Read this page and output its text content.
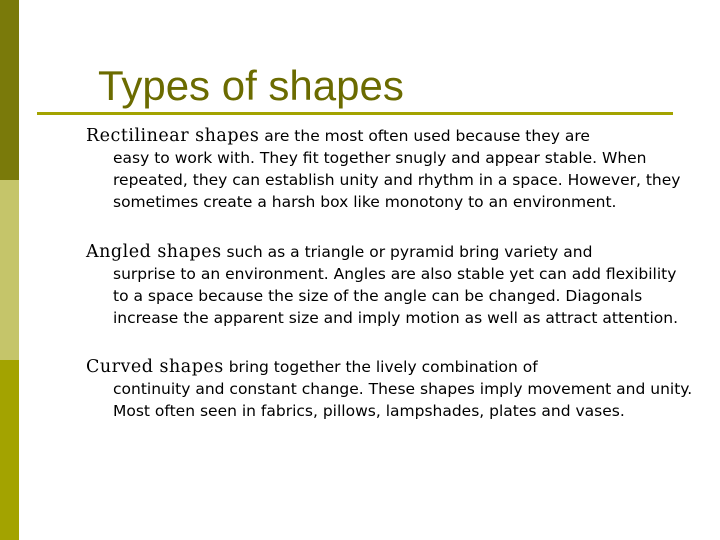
Types of shapes
Rectilinear shapes are the most often used because they are
easy to work with. They fit together snugly and appear stable. When repeated, they can establish unity and rhythm in a space. However, they sometimes create a harsh box like monotony to an environment.
Angled shapes such as a triangle or pyramid bring variety and
surprise to an environment. Angles are also stable yet can add flexibility to a space because the size of the angle can be changed. Diagonals increase the apparent size and imply motion as well as attract attention.
Curved shapes bring together the lively combination of
continuity and constant change. These shapes imply movement and unity. Most often seen in fabrics, pillows, lampshades, plates and vases.
